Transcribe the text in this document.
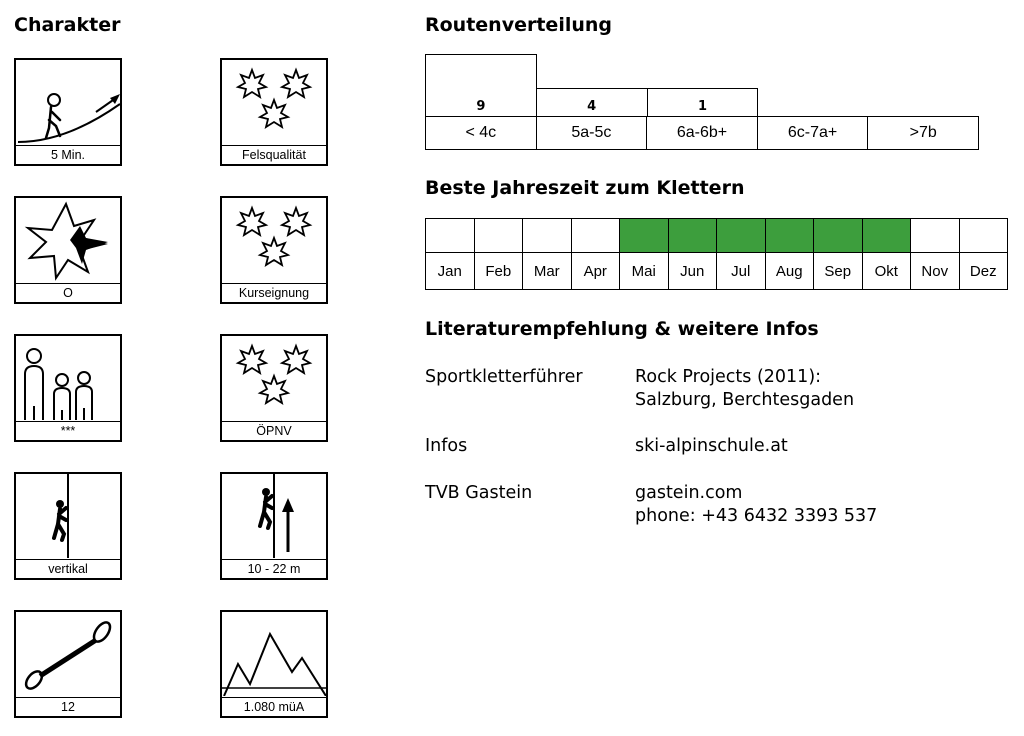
Charakter	Routenverteilung
Beste Jahreszeit zum Klettern
Literaturempfehlung & weitere Infos
5 Min.	Felsqualität
O	Kurseignung
***	ÖPNV
vertikal	10 - 22 m
12	1.080 müA
9	4	1
< 4c	5a-5c	6a-6b+	6c-7a+	>7b
Jan	Feb	Mar	Apr	Mai	Jun	Jul	Aug	Sep	Okt	Nov	Dez
Sportkletterführer	Rock Projects (2011):
Salzburg, Berchtesgaden
Infos	ski-alpinschule.at
TVB Gastein	gastein.com
phone: +43 6432 3393 537
